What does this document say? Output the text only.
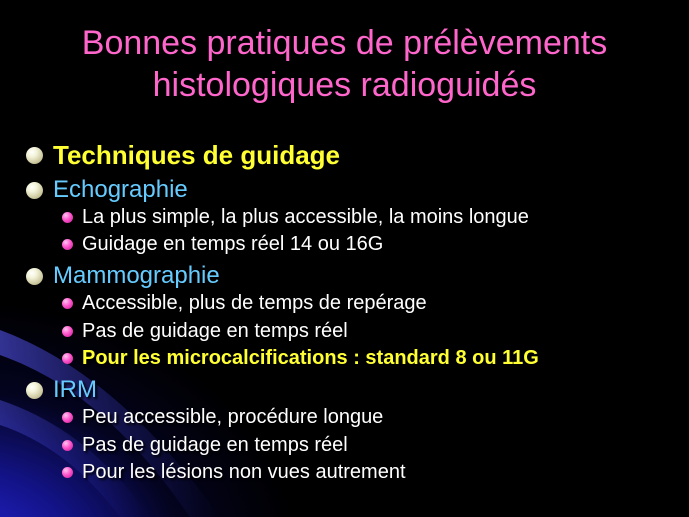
Bonnes pratiques de prélèvements
histologiques radioguidés
Techniques de guidage
Echographie
La plus simple, la plus accessible, la moins longue
Guidage en temps réel 14 ou 16G
Mammographie
Accessible, plus de temps de repérage
Pas de guidage en temps réel
Pour les microcalcifications : standard 8 ou 11G
IRM
Peu accessible, procédure longue
Pas de guidage en temps réel
Pour les lésions non vues autrement
